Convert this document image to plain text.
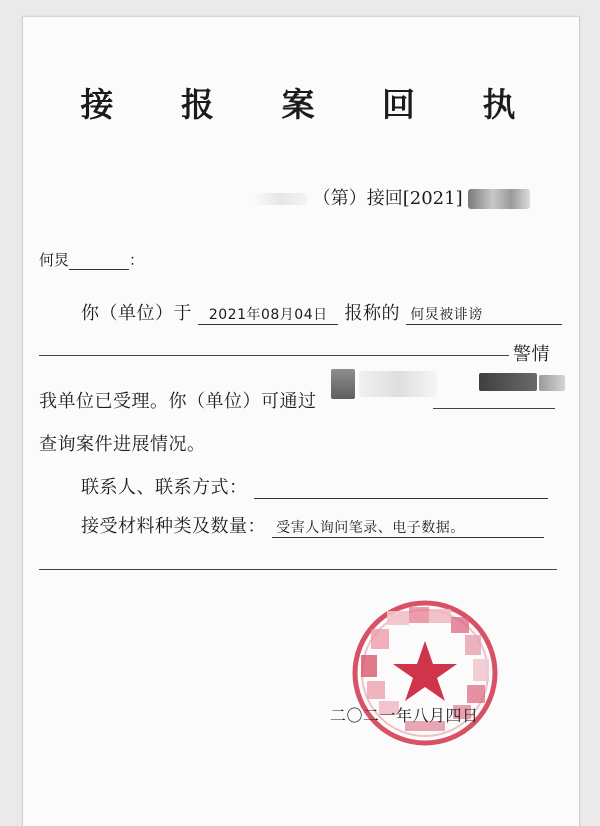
接 报 案 回 执
（第）接回[2021]
何炅	：
你（单位）于 2021年08月04日 报称的 何炅被诽谤
警情
我单位已受理。你（单位）可通过
查询案件进展情况。
联系人、联系方式：
接受材料种类及数量： 受害人询问笔录、电子数据。
二〇二一年八月四日
